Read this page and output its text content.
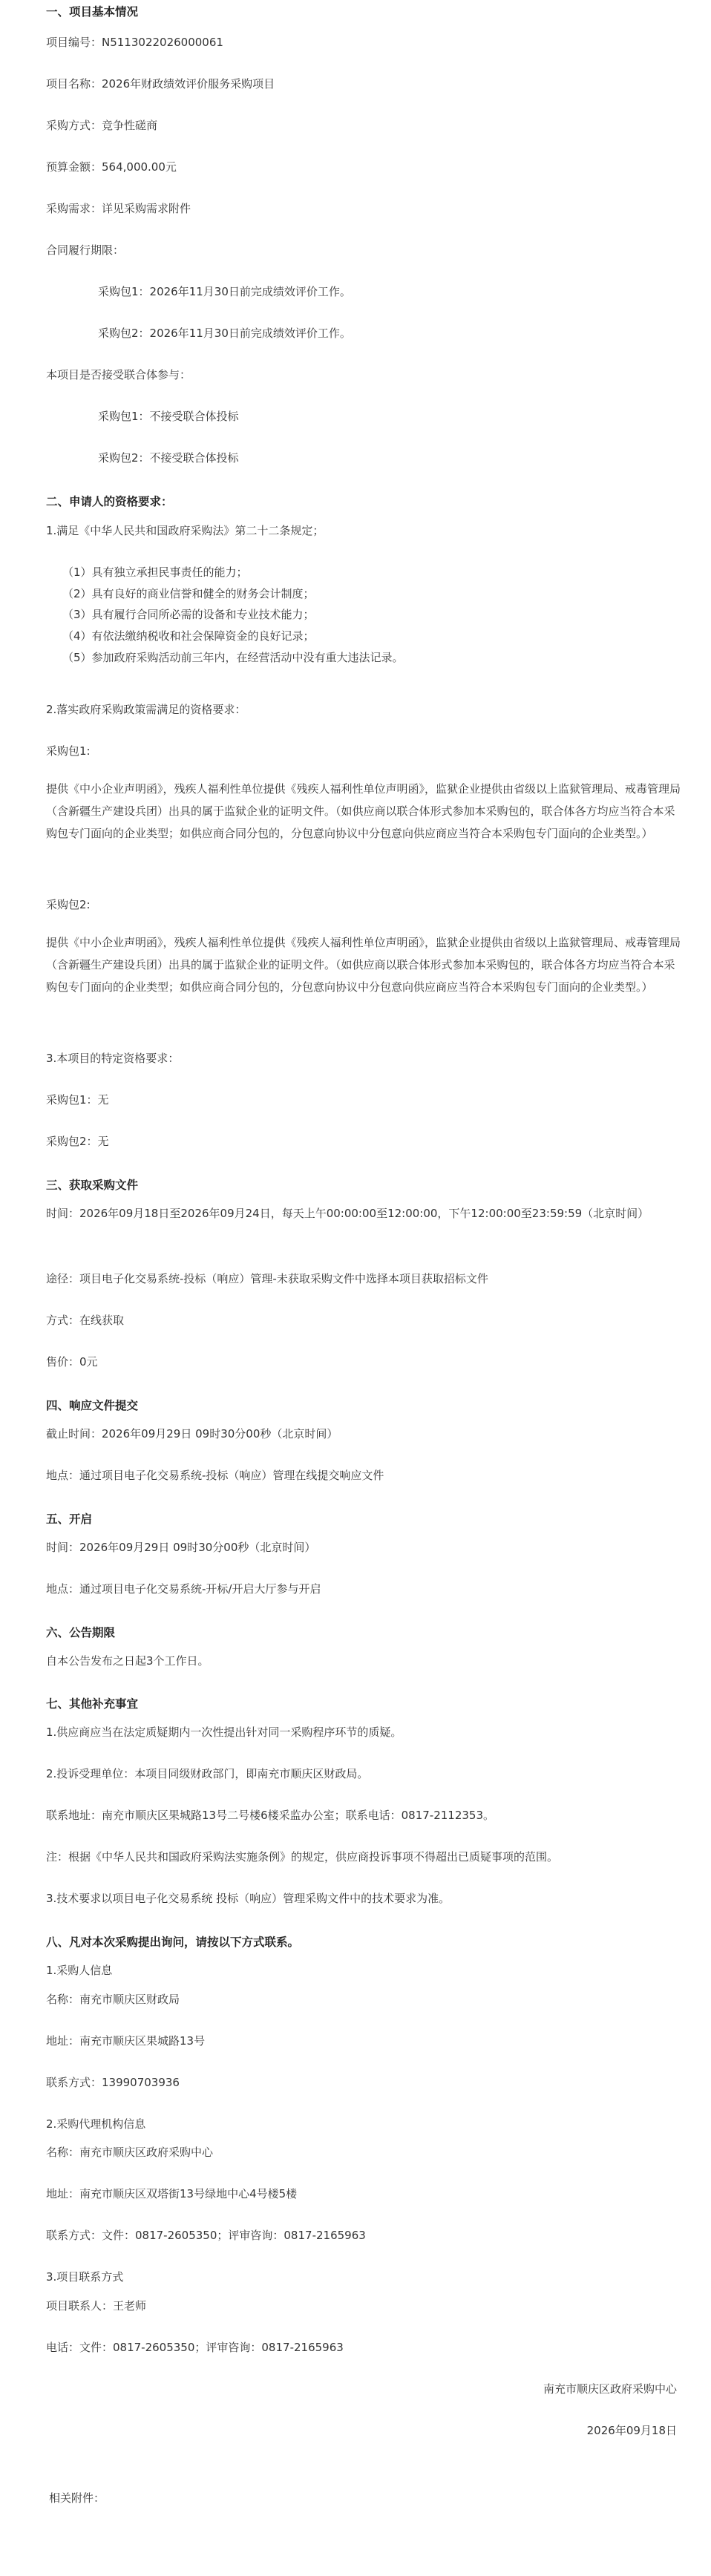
一、项目基本情况
项目编号：N5113022026000061
项目名称：2026年财政绩效评价服务采购项目
采购方式：竞争性磋商
预算金额：564,000.00元
采购需求：详见采购需求附件
合同履行期限：
采购包1：2026年11月30日前完成绩效评价工作。
采购包2：2026年11月30日前完成绩效评价工作。
本项目是否接受联合体参与：
采购包1：不接受联合体投标
采购包2：不接受联合体投标
二、申请人的资格要求：
1.满足《中华人民共和国政府采购法》第二十二条规定；
（1）具有独立承担民事责任的能力；
（2）具有良好的商业信誉和健全的财务会计制度；
（3）具有履行合同所必需的设备和专业技术能力；
（4）有依法缴纳税收和社会保障资金的良好记录；
（5）参加政府采购活动前三年内，在经营活动中没有重大违法记录。
2.落实政府采购政策需满足的资格要求：
采购包1:
提供《中小企业声明函》，残疾人福利性单位提供《残疾人福利性单位声明函》，监狱企业提供由省级以上监狱管理局、戒毒管理局（含新疆生产建设兵团）出具的属于监狱企业的证明文件。（如供应商以联合体形式参加本采购包的，联合体各方均应当符合本采购包专门面向的企业类型；如供应商合同分包的，分包意向协议中分包意向供应商应当符合本采购包专门面向的企业类型。）
采购包2:
提供《中小企业声明函》，残疾人福利性单位提供《残疾人福利性单位声明函》，监狱企业提供由省级以上监狱管理局、戒毒管理局（含新疆生产建设兵团）出具的属于监狱企业的证明文件。（如供应商以联合体形式参加本采购包的，联合体各方均应当符合本采购包专门面向的企业类型；如供应商合同分包的，分包意向协议中分包意向供应商应当符合本采购包专门面向的企业类型。）
3.本项目的特定资格要求：
采购包1：无
采购包2：无
三、获取采购文件
时间：2026年09月18日至2026年09月24日，每天上午00:00:00至12:00:00，下午12:00:00至23:59:59（北京时间）
途径：项目电子化交易系统-投标（响应）管理-未获取采购文件中选择本项目获取招标文件
方式：在线获取
售价：0元
四、响应文件提交
截止时间：2026年09月29日 09时30分00秒（北京时间）
地点：通过项目电子化交易系统-投标（响应）管理在线提交响应文件
五、开启
时间：2026年09月29日 09时30分00秒（北京时间）
地点：通过项目电子化交易系统-开标/开启大厅参与开启
六、公告期限
自本公告发布之日起3个工作日。
七、其他补充事宜
1.供应商应当在法定质疑期内一次性提出针对同一采购程序环节的质疑。
2.投诉受理单位：本项目同级财政部门，即南充市顺庆区财政局。
联系地址：南充市顺庆区果城路13号二号楼6楼采监办公室；联系电话：0817-2112353。
注：根据《中华人民共和国政府采购法实施条例》的规定，供应商投诉事项不得超出已质疑事项的范围。
3.技术要求以项目电子化交易系统 投标（响应）管理采购文件中的技术要求为准。
八、凡对本次采购提出询问，请按以下方式联系。
1.采购人信息
名称：南充市顺庆区财政局
地址：南充市顺庆区果城路13号
联系方式：13990703936
2.采购代理机构信息
名称：南充市顺庆区政府采购中心
地址：南充市顺庆区双塔街13号绿地中心4号楼5楼
联系方式：文件：0817-2605350；评审咨询：0817-2165963
3.项目联系方式
项目联系人：王老师
电话：文件：0817-2605350；评审咨询：0817-2165963
南充市顺庆区政府采购中心
2026年09月18日
相关附件：
